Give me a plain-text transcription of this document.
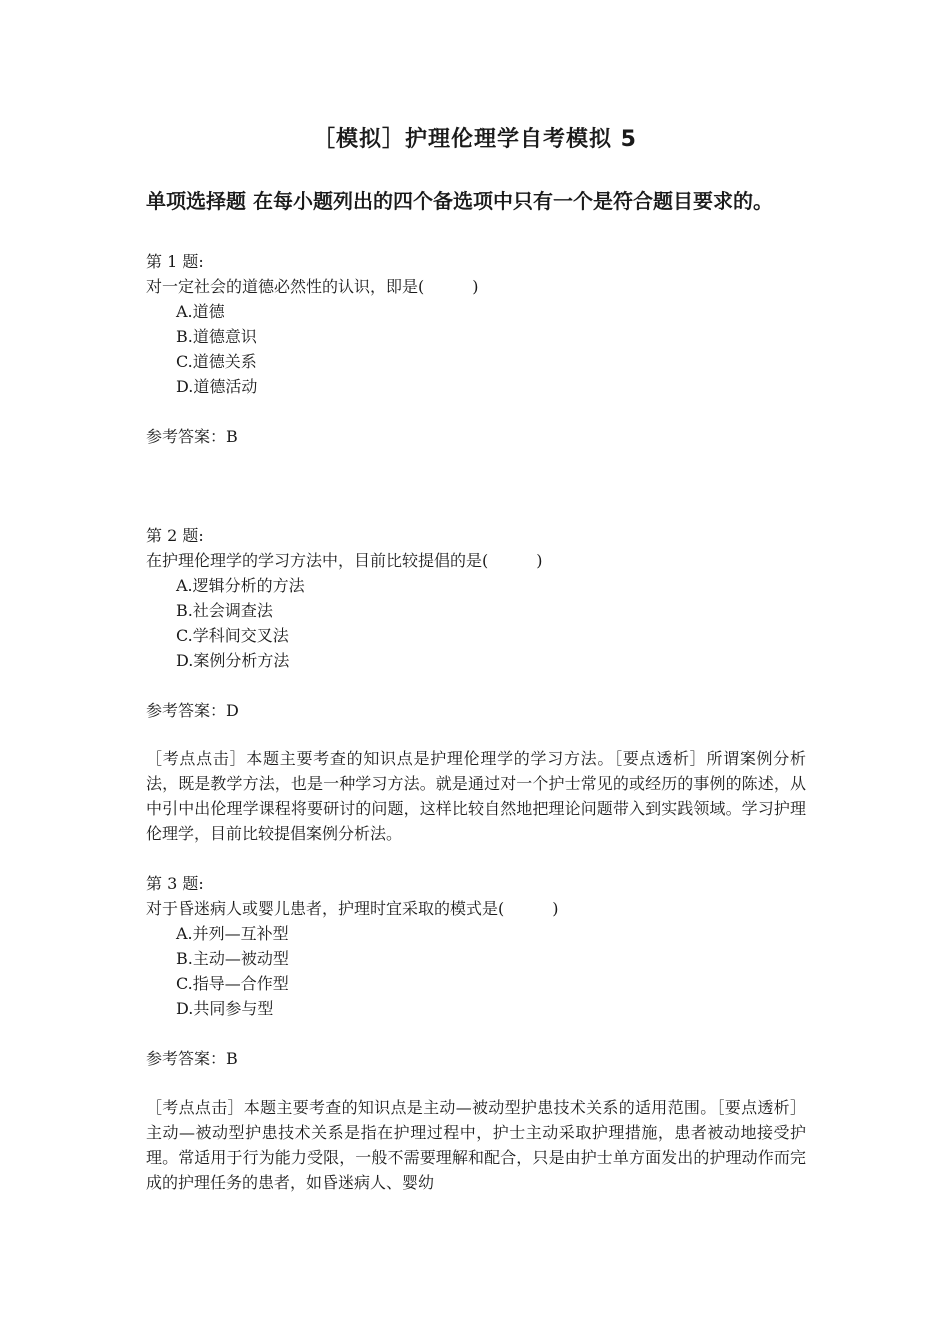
［模拟］护理伦理学自考模拟 5
单项选择题 在每小题列出的四个备选项中只有一个是符合题目要求的。
第 1 题:
对一定社会的道德必然性的认识，即是(　　　)
A.道德
B.道德意识
C.道德关系
D.道德活动
参考答案：B
第 2 题:
在护理伦理学的学习方法中，目前比较提倡的是(　　　)
A.逻辑分析的方法
B.社会调查法
C.学科间交叉法
D.案例分析方法
参考答案：D
［考点点击］本题主要考查的知识点是护理伦理学的学习方法。［要点透析］所谓案例分析法，既是教学方法，也是一种学习方法。就是通过对一个护士常见的或经历的事例的陈述，从中引中出伦理学课程将要研讨的问题，这样比较自然地把理论问题带入到实践领域。学习护理伦理学，目前比较提倡案例分析法。
第 3 题:
对于昏迷病人或婴儿患者，护理时宜采取的模式是(　　　)
A.并列—互补型
B.主动—被动型
C.指导—合作型
D.共同参与型
参考答案：B
［考点点击］本题主要考查的知识点是主动—被动型护患技术关系的适用范围。［要点透析］主动—被动型护患技术关系是指在护理过程中，护士主动采取护理措施，患者被动地接受护理。常适用于行为能力受限，一般不需要理解和配合，只是由护士单方面发出的护理动作而完成的护理任务的患者，如昏迷病人、婴幼
